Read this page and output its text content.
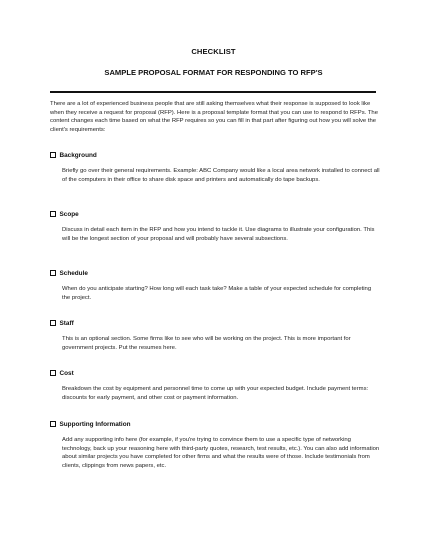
CHECKLIST
SAMPLE PROPOSAL FORMAT FOR RESPONDING TO RFP'S
There are a lot of experienced business people that are still asking themselves what their response is supposed to look like when they receive a request for proposal (RFP). Here is a proposal template format that you can use to respond to RFPs. The content changes each time based on what the RFP requires so you can fill in that part after figuring out how you will solve the client's requirements:
Background
Briefly go over their general requirements. Example: ABC Company would like a local area network installed to connect all of the computers in their office to share disk space and printers and automatically do tape backups.
Scope
Discuss in detail each item in the RFP and how you intend to tackle it. Use diagrams to illustrate your configuration. This will be the longest section of your proposal and will probably have several subsections.
Schedule
When do you anticipate starting? How long will each task take? Make a table of your expected schedule for completing the project.
Staff
This is an optional section. Some firms like to see who will be working on the project. This is more important for government projects. Put the resumes here.
Cost
Breakdown the cost by equipment and personnel time to come up with your expected budget. Include payment terms: discounts for early payment, and other cost or payment information.
Supporting Information
Add any supporting info here (for example, if you're trying to convince them to use a specific type of networking technology, back up your reasoning here with third-party quotes, research, test results, etc.). You can also add information about similar projects you have completed for other firms and what the results were of those. Include testimonials from clients, clippings from news papers, etc.
